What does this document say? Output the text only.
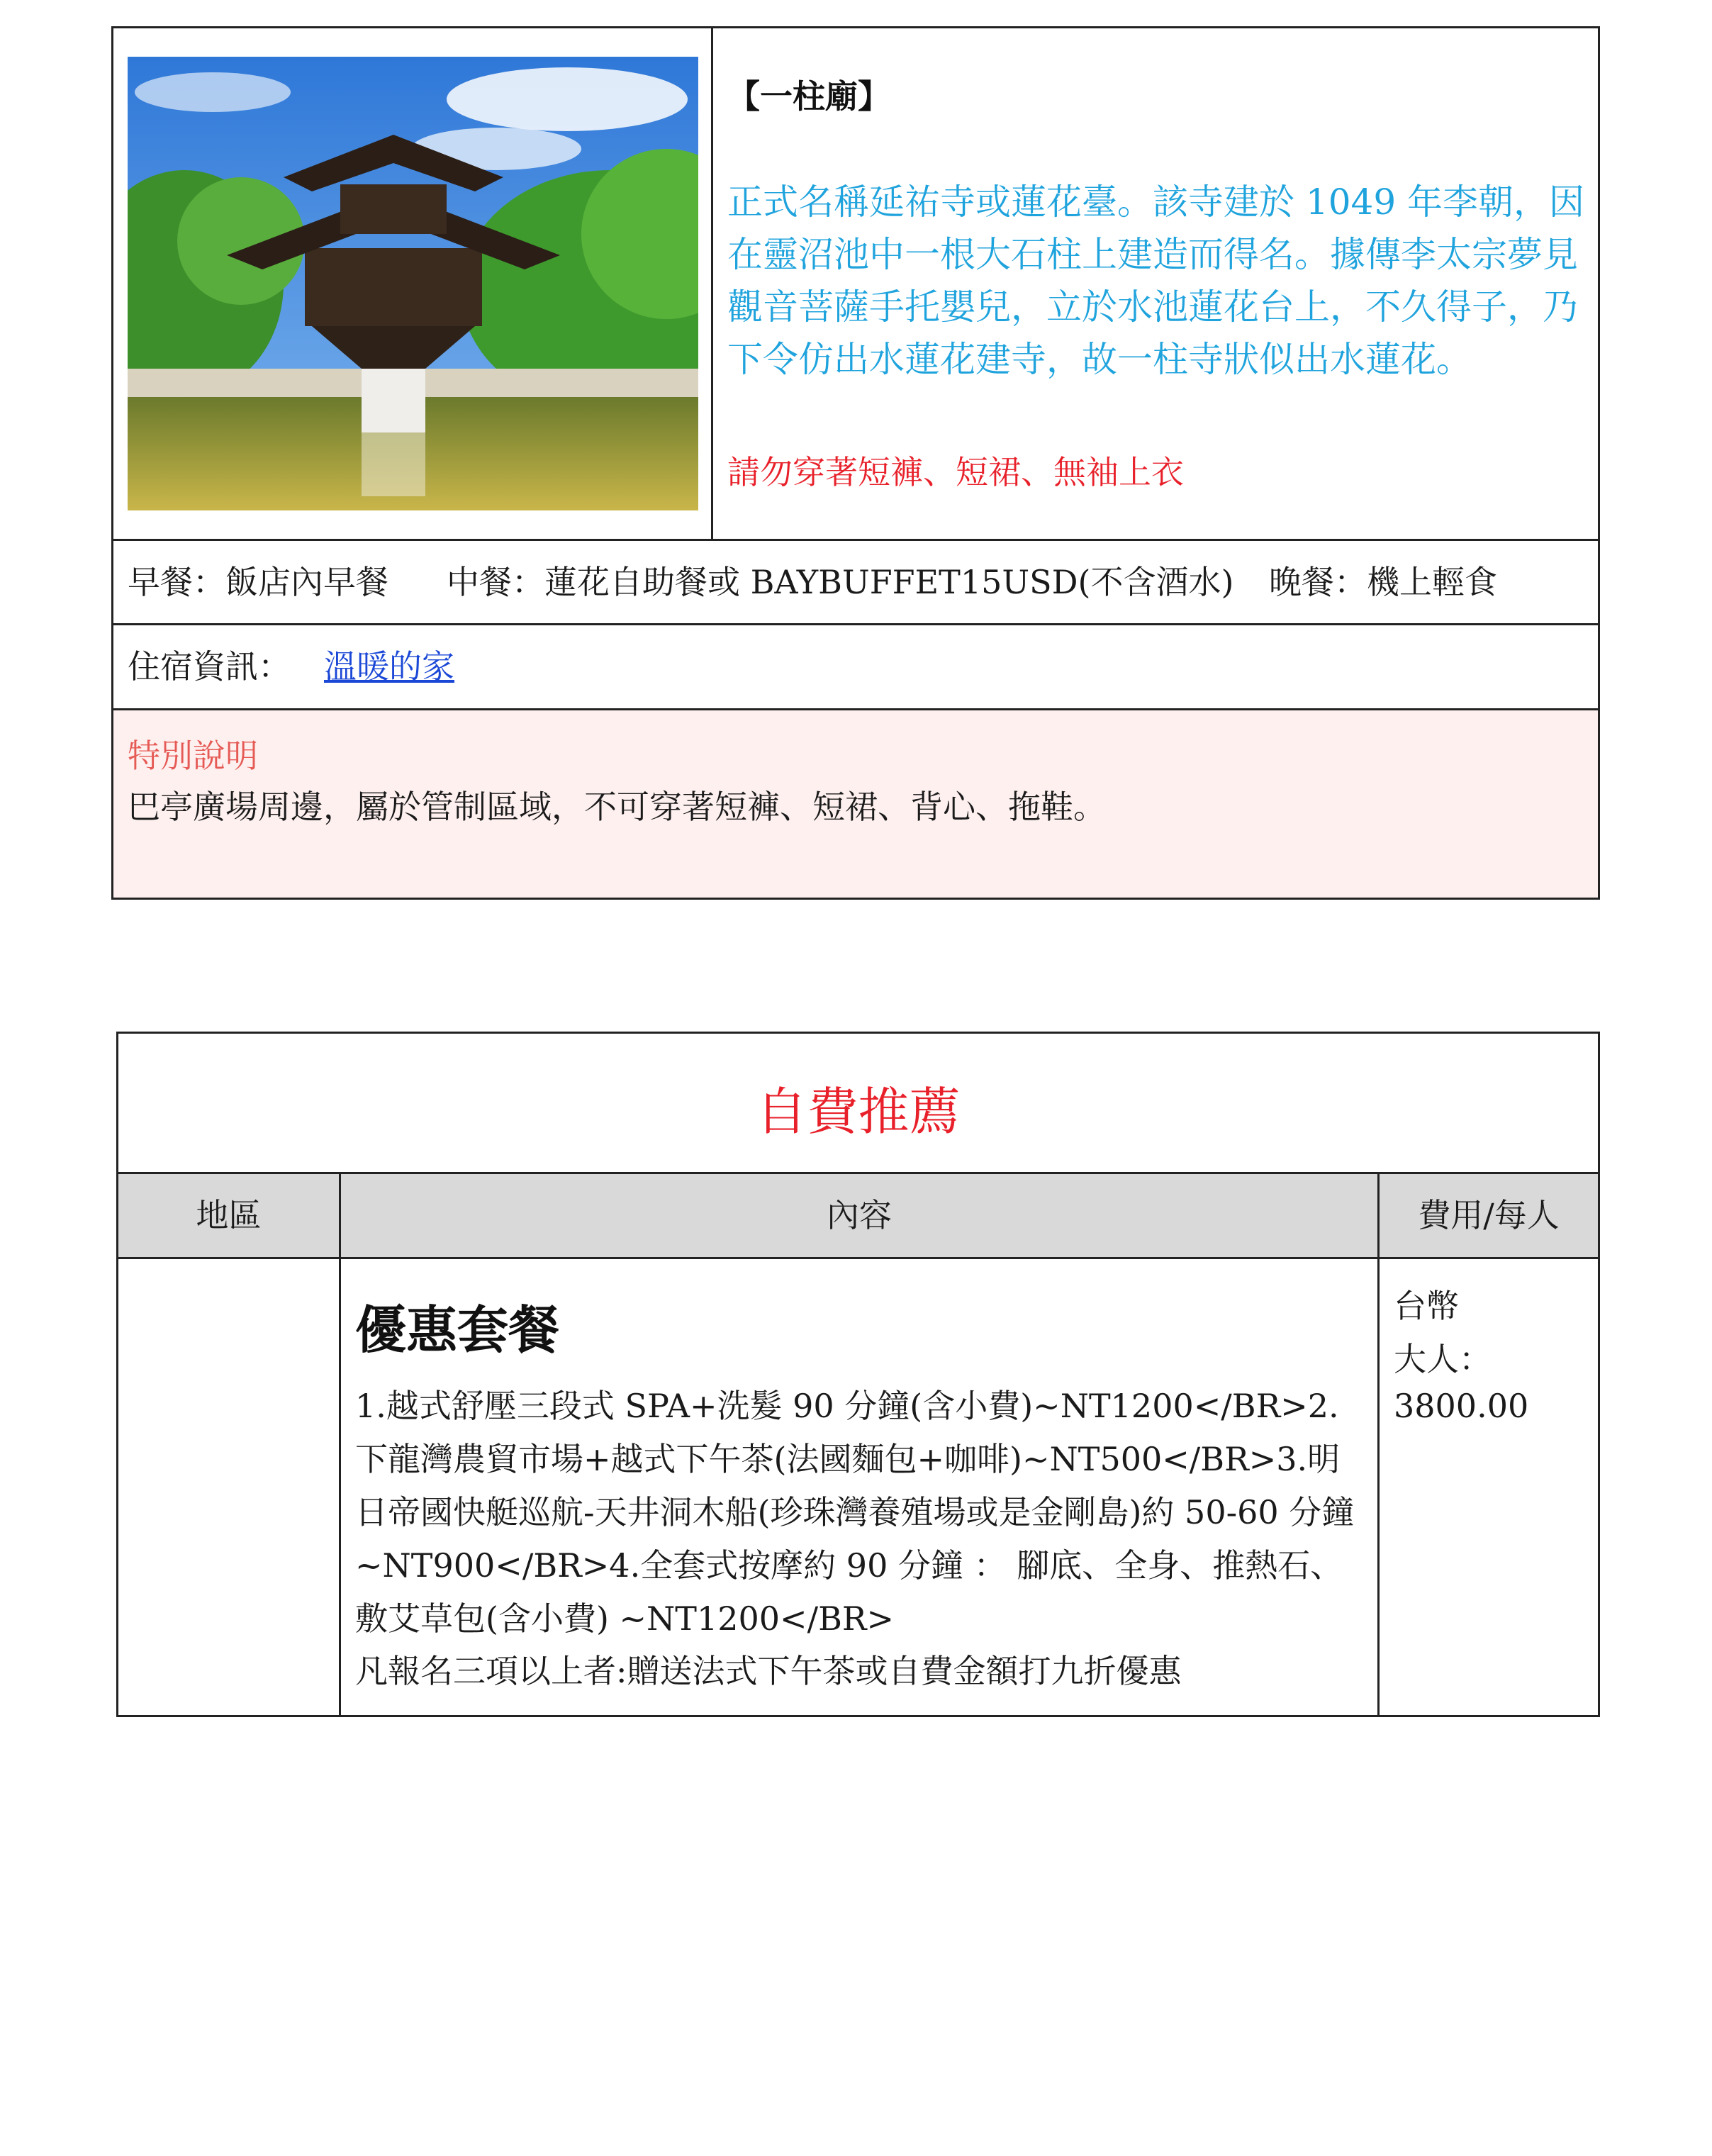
【一柱廟】
正式名稱延祐寺或蓮花臺。該寺建於 1049 年李朝，因在靈沼池中一根大石柱上建造而得名。據傳李太宗夢見觀音菩薩手托嬰兒，立於水池蓮花台上，不久得子，乃下令仿出水蓮花建寺，故一柱寺狀似出水蓮花。
請勿穿著短褲、短裙、無袖上衣
早餐：飯店內早餐 中餐：蓮花自助餐或 BAYBUFFET15USD(不含酒水) 晚餐：機上輕食
住宿資訊： 溫暖的家
特別說明
巴亭廣場周邊，屬於管制區域，不可穿著短褲、短裙、背心、拖鞋。
自費推薦
地區	內容	費用/每人
優惠套餐
1.越式舒壓三段式 SPA+洗髮 90 分鐘(含小費)~NT1200</BR>2.下龍灣農貿市場+越式下午茶(法國麵包+咖啡)~NT500</BR>3.明日帝國快艇巡航-天井洞木船(珍珠灣養殖場或是金剛島)約 50-60 分鐘~NT900</BR>4.全套式按摩約 90 分鐘 ： 腳底、全身、推熱石、敷艾草包(含小費) ~NT1200</BR>
凡報名三項以上者:贈送法式下午茶或自費金額打九折優惠
台幣
大人：
3800.00
